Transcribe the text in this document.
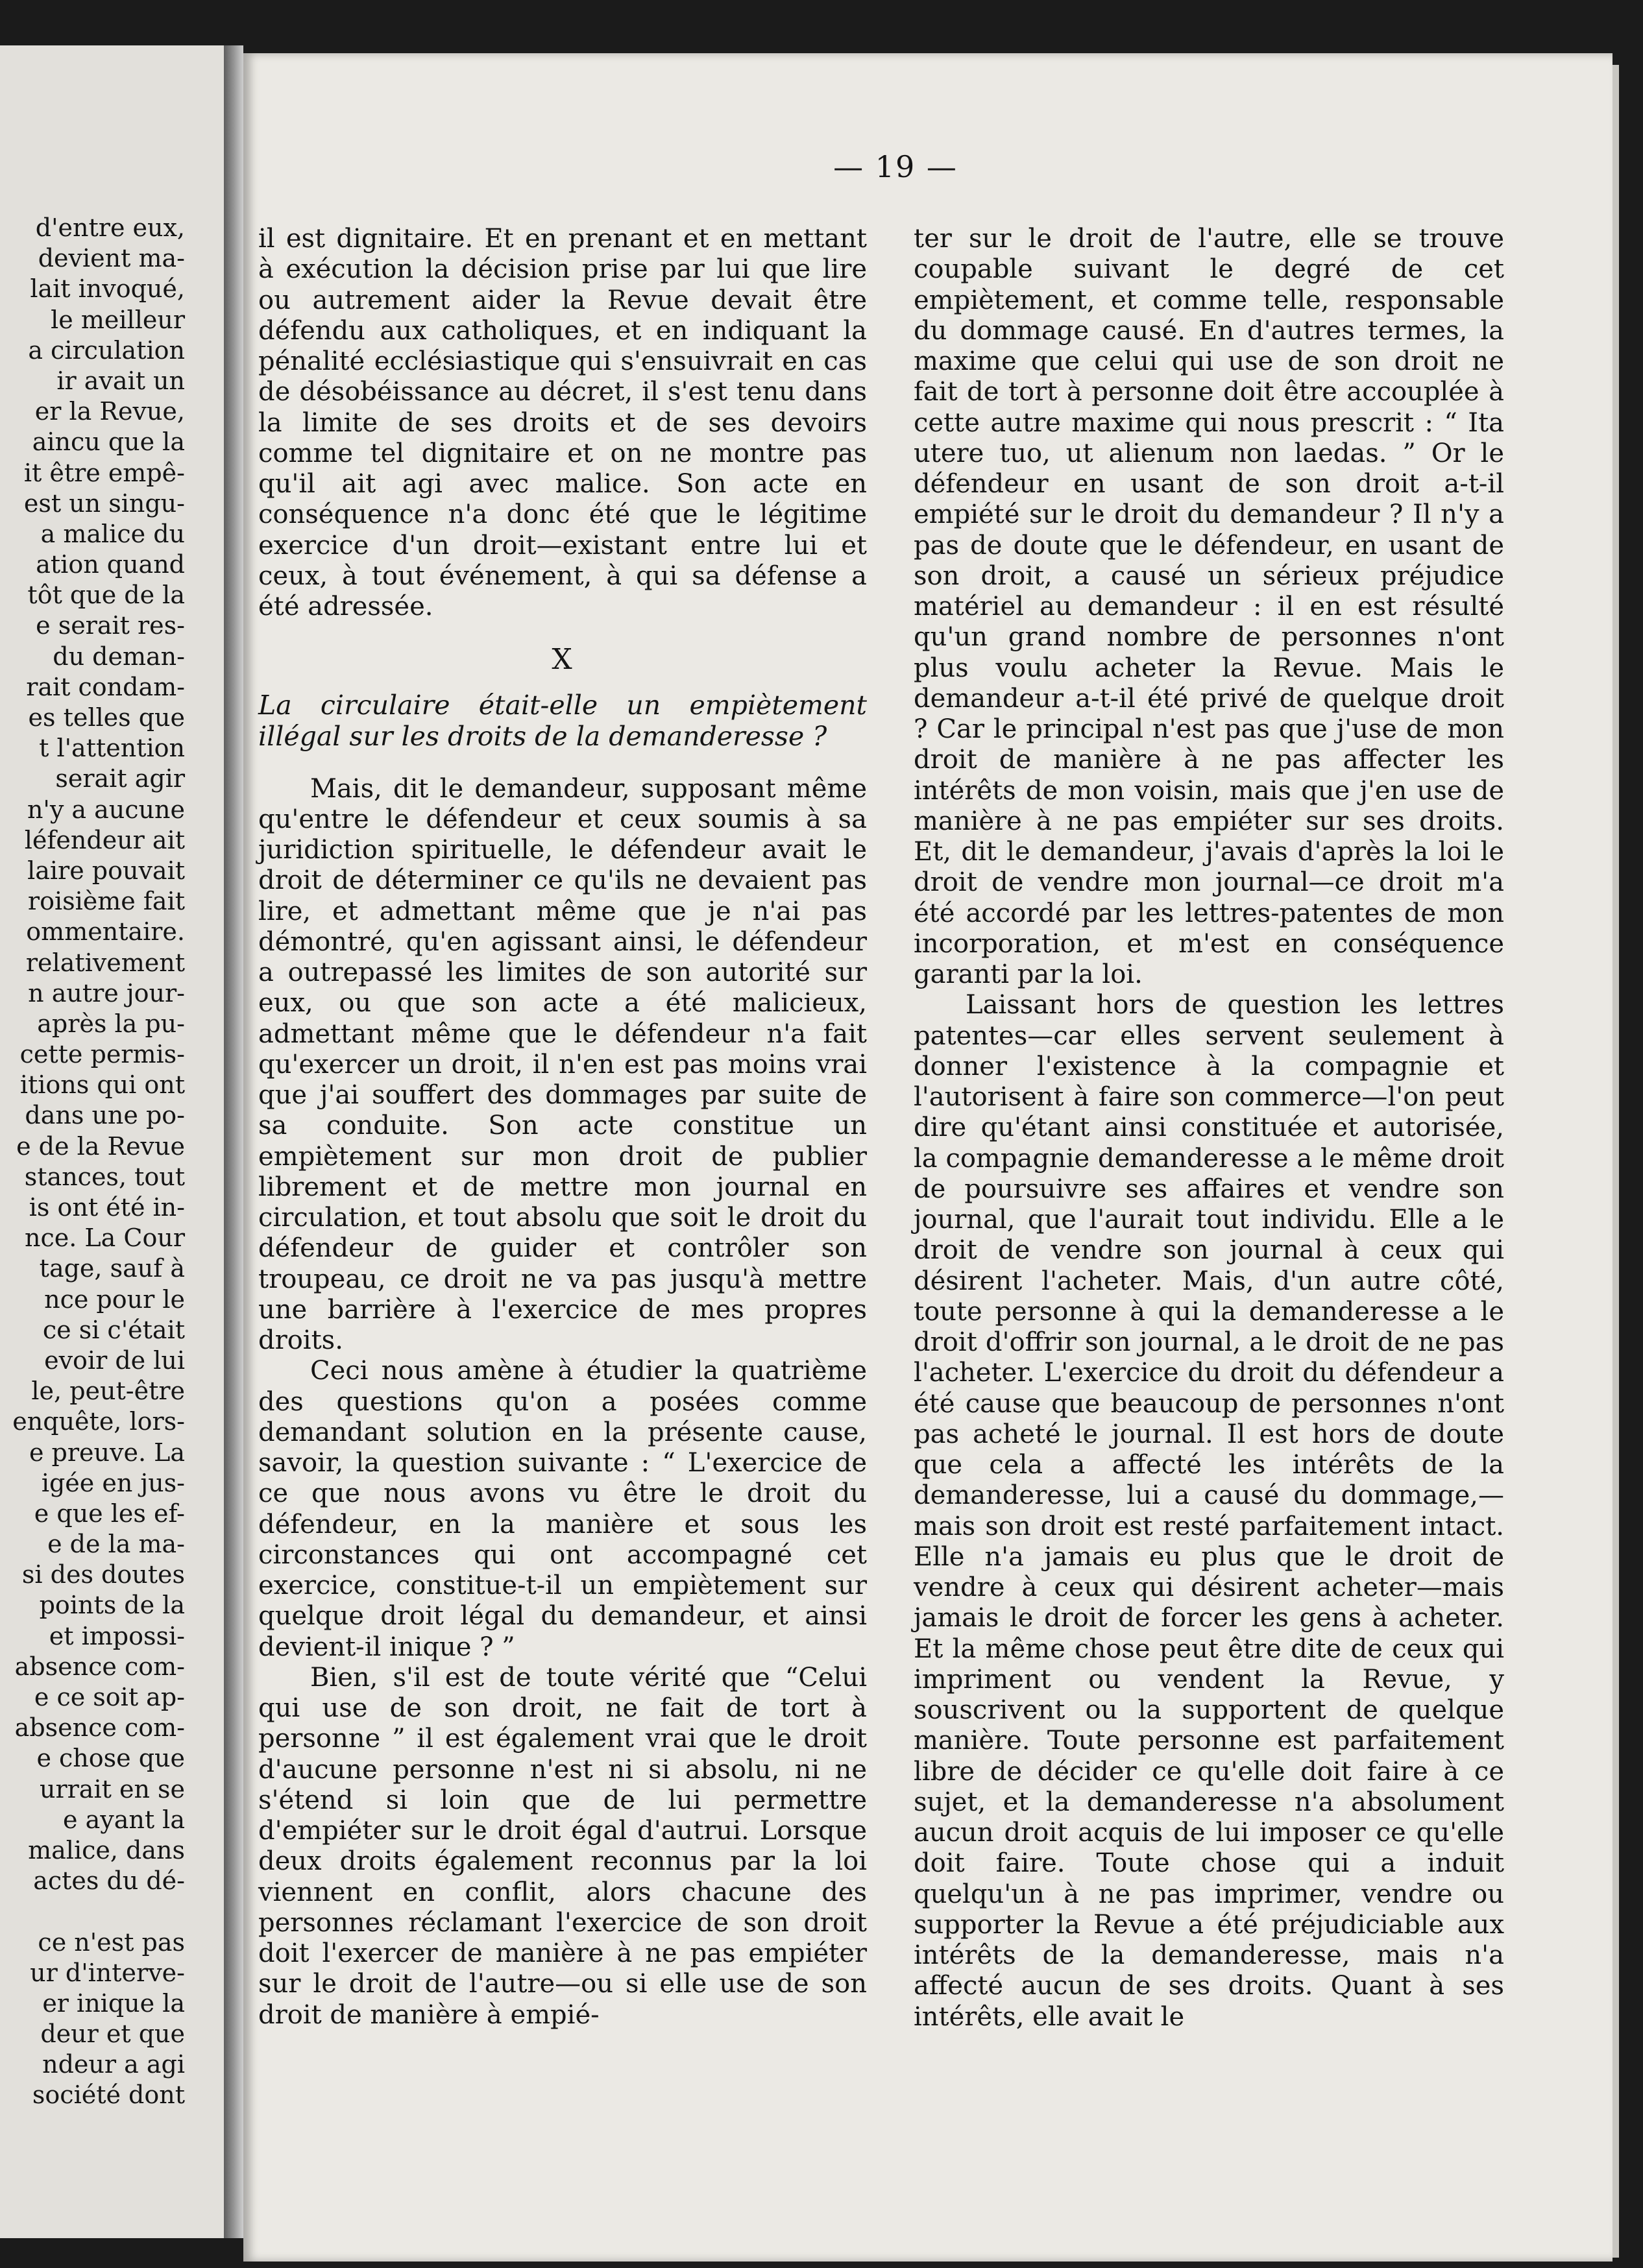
d'entre eux,
devient ma-
lait invoqué,
le meilleur
a circulation
ir avait un
er la Revue,
aincu que la
it être empê-
est un singu-
a malice du
ation quand
tôt que de la
e serait res-
du deman-
rait condam-
es telles que
t l'attention
serait agir
n'y a aucune
léfendeur ait
laire pouvait
roisième fait
ommentaire.
relativement
n autre jour-
après la pu-
cette permis-
itions qui ont
dans une po-
e de la Revue
stances, tout
is ont été in-
nce. La Cour
tage, sauf à
nce pour le
ce si c'était
evoir de lui
le, peut-être
enquête, lors-
e preuve. La
igée en jus-
e que les ef-
e de la ma-
si des doutes
points de la
et impossi-
absence com-
e ce soit ap-
absence com-
e chose que
urrait en se
e ayant la
malice, dans
actes du dé-
ce n'est pas
ur d'interve-
er inique la
deur et que
ndeur a agi
société dont
— 19 —

il est dignitaire. Et en prenant et en mettant à exécution la décision prise par lui que lire ou autrement aider la Revue devait être défendu aux catholiques, et en indiquant la pénalité ecclésiastique qui s'ensuivrait en cas de désobéissance au décret, il s'est tenu dans la limite de ses droits et de ses devoirs comme tel dignitaire et on ne montre pas qu'il ait agi avec malice. Son acte en conséquence n'a donc été que le légitime exercice d'un droit—existant entre lui et ceux, à tout événement, à qui sa défense a été adressée.

X
La circulaire était-elle un empiètement illégal sur les droits de la demanderesse ?

Mais, dit le demandeur, supposant même qu'entre le défendeur et ceux soumis à sa juridiction spirituelle, le défendeur avait le droit de déterminer ce qu'ils ne devaient pas lire, et admettant même que je n'ai pas démontré, qu'en agissant ainsi, le défendeur a outrepassé les limites de son autorité sur eux, ou que son acte a été malicieux, admettant même que le défendeur n'a fait qu'exercer un droit, il n'en est pas moins vrai que j'ai souffert des dommages par suite de sa conduite. Son acte constitue un empiètement sur mon droit de publier librement et de mettre mon journal en circulation, et tout absolu que soit le droit du défendeur de guider et contrôler son troupeau, ce droit ne va pas jusqu'à mettre une barrière à l'exercice de mes propres droits.

Ceci nous amène à étudier la quatrième des questions qu'on a posées comme demandant solution en la présente cause, savoir, la question suivante : “ L'exercice de ce que nous avons vu être le droit du défendeur, en la manière et sous les circonstances qui ont accompagné cet exercice, constitue-t-il un empiètement sur quelque droit légal du demandeur, et ainsi devient-il inique ? ”

Bien, s'il est de toute vérité que “Celui qui use de son droit, ne fait de tort à personne ” il est également vrai que le droit d'aucune personne n'est ni si absolu, ni ne s'étend si loin que de lui permettre d'empiéter sur le droit égal d'autrui. Lorsque deux droits également reconnus par la loi viennent en conflit, alors chacune des personnes réclamant l'exercice de son droit doit l'exercer de manière à ne pas empiéter sur le droit de l'autre—ou si elle use de son droit de manière à empié-

ter sur le droit de l'autre, elle se trouve coupable suivant le degré de cet empiètement, et comme telle, responsable du dommage causé. En d'autres termes, la maxime que celui qui use de son droit ne fait de tort à personne doit être accouplée à cette autre maxime qui nous prescrit : “ Ita utere tuo, ut alienum non laedas. ” Or le défendeur en usant de son droit a-t-il empiété sur le droit du demandeur ? Il n'y a pas de doute que le défendeur, en usant de son droit, a causé un sérieux préjudice matériel au demandeur : il en est résulté qu'un grand nombre de personnes n'ont plus voulu acheter la Revue. Mais le demandeur a-t-il été privé de quelque droit ? Car le principal n'est pas que j'use de mon droit de manière à ne pas affecter les intérêts de mon voisin, mais que j'en use de manière à ne pas empiéter sur ses droits. Et, dit le demandeur, j'avais d'après la loi le droit de vendre mon journal—ce droit m'a été accordé par les lettres-patentes de mon incorporation, et m'est en conséquence garanti par la loi.

Laissant hors de question les lettres patentes—car elles servent seulement à donner l'existence à la compagnie et l'autorisent à faire son commerce—l'on peut dire qu'étant ainsi constituée et autorisée, la compagnie demanderesse a le même droit de poursuivre ses affaires et vendre son journal, que l'aurait tout individu. Elle a le droit de vendre son journal à ceux qui désirent l'acheter. Mais, d'un autre côté, toute personne à qui la demanderesse a le droit d'offrir son journal, a le droit de ne pas l'acheter. L'exercice du droit du défendeur a été cause que beaucoup de personnes n'ont pas acheté le journal. Il est hors de doute que cela a affecté les intérêts de la demanderesse, lui a causé du dommage,—mais son droit est resté parfaitement intact. Elle n'a jamais eu plus que le droit de vendre à ceux qui désirent acheter—mais jamais le droit de forcer les gens à acheter. Et la même chose peut être dite de ceux qui impriment ou vendent la Revue, y souscrivent ou la supportent de quelque manière. Toute personne est parfaitement libre de décider ce qu'elle doit faire à ce sujet, et la demanderesse n'a absolument aucun droit acquis de lui imposer ce qu'elle doit faire. Toute chose qui a induit quelqu'un à ne pas imprimer, vendre ou supporter la Revue a été préjudiciable aux intérêts de la demanderesse, mais n'a affecté aucun de ses droits. Quant à ses intérêts, elle avait le
